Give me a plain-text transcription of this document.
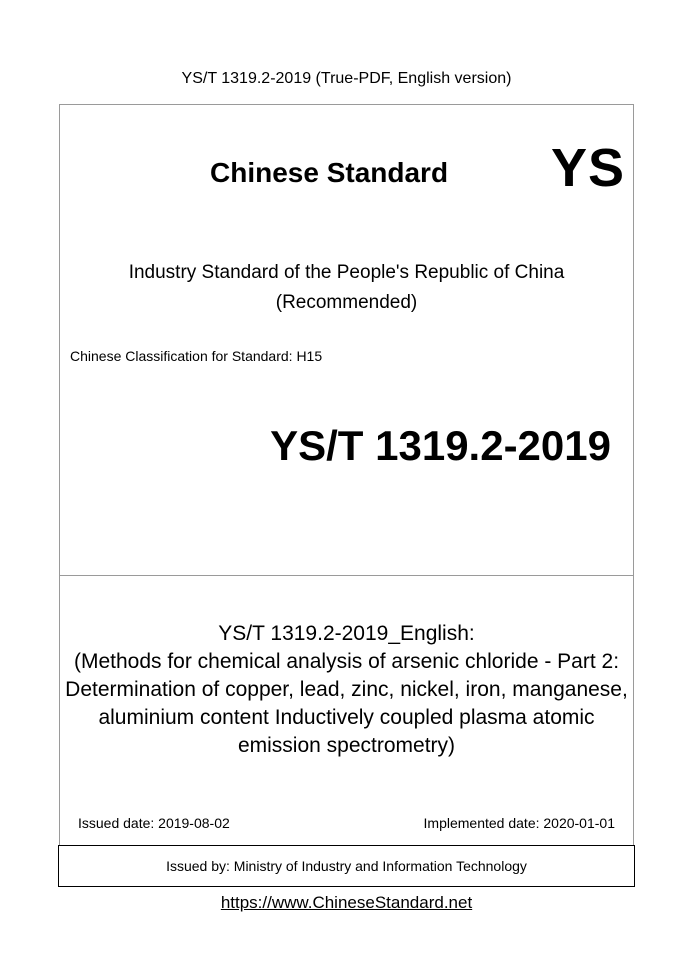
YS/T 1319.2-2019 (True-PDF, English version)
Chinese Standard YS
Industry Standard of the People's Republic of China
(Recommended)
Chinese Classification for Standard: H15
YS/T 1319.2-2019
YS/T 1319.2-2019_English:
(Methods for chemical analysis of arsenic chloride - Part 2:
Determination of copper, lead, zinc, nickel, iron, manganese,
aluminium content Inductively coupled plasma atomic
emission spectrometry)
Issued date: 2019-08-02	Implemented date: 2020-01-01
Issued by: Ministry of Industry and Information Technology
https://www.ChineseStandard.net
